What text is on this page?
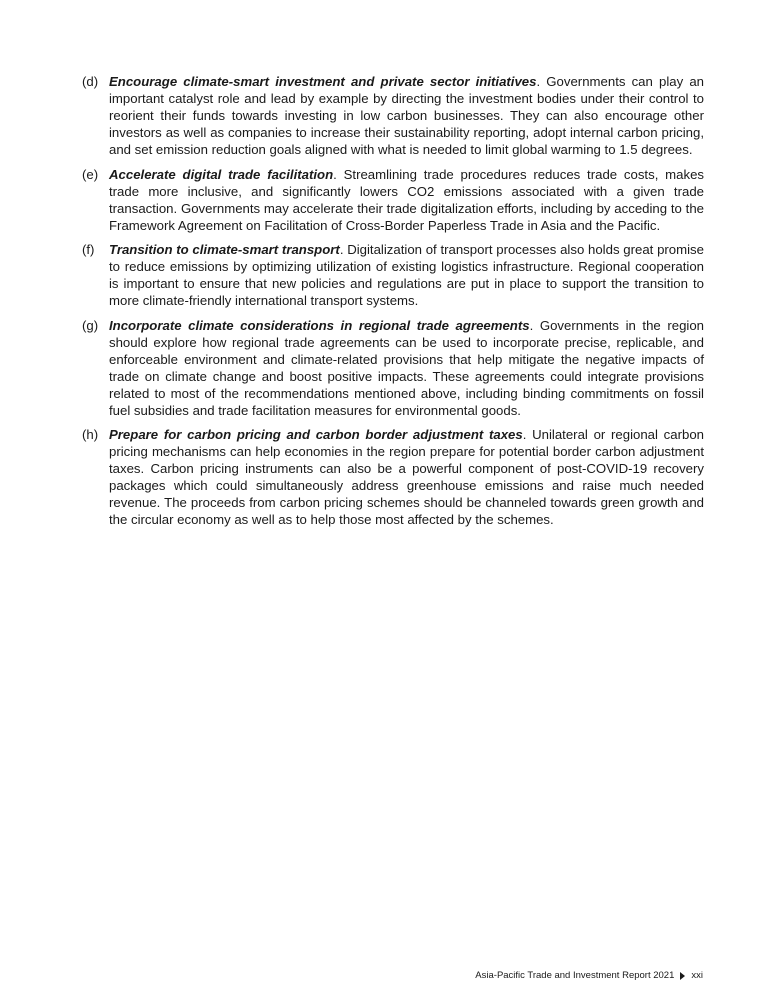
(d) Encourage climate-smart investment and private sector initiatives. Governments can play an important catalyst role and lead by example by directing the investment bodies under their control to reorient their funds towards investing in low carbon businesses. They can also encourage other investors as well as companies to increase their sustainability reporting, adopt internal carbon pricing, and set emission reduction goals aligned with what is needed to limit global warming to 1.5 degrees.
(e) Accelerate digital trade facilitation. Streamlining trade procedures reduces trade costs, makes trade more inclusive, and significantly lowers CO2 emissions associated with a given trade transaction. Governments may accelerate their trade digitalization efforts, including by acceding to the Framework Agreement on Facilitation of Cross-Border Paperless Trade in Asia and the Pacific.
(f) Transition to climate-smart transport. Digitalization of transport processes also holds great promise to reduce emissions by optimizing utilization of existing logistics infrastructure. Regional cooperation is important to ensure that new policies and regulations are put in place to support the transition to more climate-friendly international transport systems.
(g) Incorporate climate considerations in regional trade agreements. Governments in the region should explore how regional trade agreements can be used to incorporate precise, replicable, and enforceable environment and climate-related provisions that help mitigate the negative impacts of trade on climate change and boost positive impacts. These agreements could integrate provisions related to most of the recommendations mentioned above, including binding commitments on fossil fuel subsidies and trade facilitation measures for environmental goods.
(h) Prepare for carbon pricing and carbon border adjustment taxes. Unilateral or regional carbon pricing mechanisms can help economies in the region prepare for potential border carbon adjustment taxes. Carbon pricing instruments can also be a powerful component of post-COVID-19 recovery packages which could simultaneously address greenhouse emissions and raise much needed revenue. The proceeds from carbon pricing schemes should be channeled towards green growth and the circular economy as well as to help those most affected by the schemes.
Asia-Pacific Trade and Investment Report 2021 xxi
